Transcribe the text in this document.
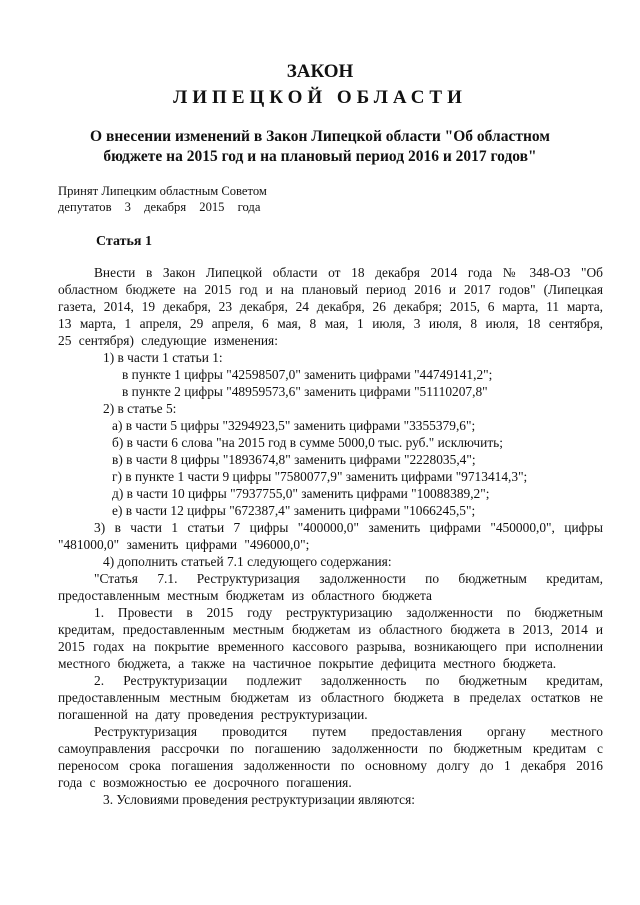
ЗАКОН
ЛИПЕЦКОЙ ОБЛАСТИ
О внесении изменений в Закон Липецкой области "Об областном
бюджете на 2015 год и на плановый период 2016 и 2017 годов"
Принят Липецким областным Советом
депутатов 3 декабря 2015 года
Статья 1

Внести в Закон Липецкой области от 18 декабря 2014 года № 348-ОЗ "Об областном бюджете на 2015 год и на плановый период 2016 и 2017 годов" (Липецкая газета, 2014, 19 декабря, 23 декабря, 24 декабря, 26 декабря; 2015, 6 марта, 11 марта, 13 марта, 1 апреля, 29 апреля, 6 мая, 8 мая, 1 июля, 3 июля, 8 июля, 18 сентября, 25 сентября) следующие изменения:

1) в части 1 статьи 1:

в пункте 1 цифры "42598507,0" заменить цифрами "44749141,2";

в пункте 2 цифры "48959573,6" заменить цифрами "51110207,8"

2) в статье 5:

а) в части 5 цифры "3294923,5" заменить цифрами "3355379,6";

б) в части 6 слова "на 2015 год в сумме 5000,0 тыс. руб." исключить;

в) в части 8 цифры "1893674,8" заменить цифрами "2228035,4";

г) в пункте 1 части 9 цифры "7580077,9" заменить цифрами "9713414,3";

д) в части 10 цифры "7937755,0" заменить цифрами "10088389,2";

е) в части 12 цифры "672387,4" заменить цифрами "1066245,5";

3) в части 1 статьи 7 цифры "400000,0" заменить цифрами "450000,0", цифры "481000,0" заменить цифрами "496000,0";

4) дополнить статьей 7.1 следующего содержания:

"Статья 7.1. Реструктуризация задолженности по бюджетным кредитам, предоставленным местным бюджетам из областного бюджета

1. Провести в 2015 году реструктуризацию задолженности по бюджетным кредитам, предоставленным местным бюджетам из областного бюджета в 2013, 2014 и 2015 годах на покрытие временного кассового разрыва, возникающего при исполнении местного бюджета, а также на частичное покрытие дефицита местного бюджета.

2. Реструктуризации подлежит задолженность по бюджетным кредитам, предоставленным местным бюджетам из областного бюджета в пределах остатков не погашенной на дату проведения реструктуризации.

Реструктуризация проводится путем предоставления органу местного самоуправления рассрочки по погашению задолженности по бюджетным кредитам с переносом срока погашения задолженности по основному долгу до 1 декабря 2016 года с возможностью ее досрочного погашения.

3. Условиями проведения реструктуризации являются:
